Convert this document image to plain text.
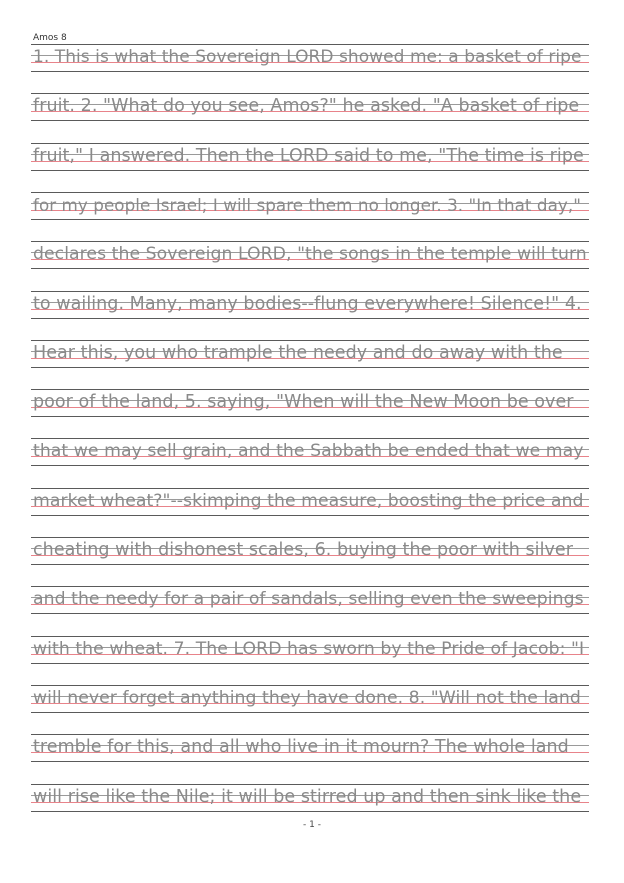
Amos 8
1. This is what the Sovereign LORD showed me: a basket of ripe
fruit. 2. "What do you see, Amos?" he asked. "A basket of ripe
fruit," I answered. Then the LORD said to me, "The time is ripe
for my people Israel; I will spare them no longer. 3. "In that day,"
declares the Sovereign LORD, "the songs in the temple will turn
to wailing. Many, many bodies--flung everywhere! Silence!" 4.
Hear this, you who trample the needy and do away with the
poor of the land, 5. saying, "When will the New Moon be over
that we may sell grain, and the Sabbath be ended that we may
market wheat?"--skimping the measure, boosting the price and
cheating with dishonest scales, 6. buying the poor with silver
and the needy for a pair of sandals, selling even the sweepings
with the wheat. 7. The LORD has sworn by the Pride of Jacob: "I
will never forget anything they have done. 8. "Will not the land
tremble for this, and all who live in it mourn? The whole land
will rise like the Nile; it will be stirred up and then sink like the
- 1 -
